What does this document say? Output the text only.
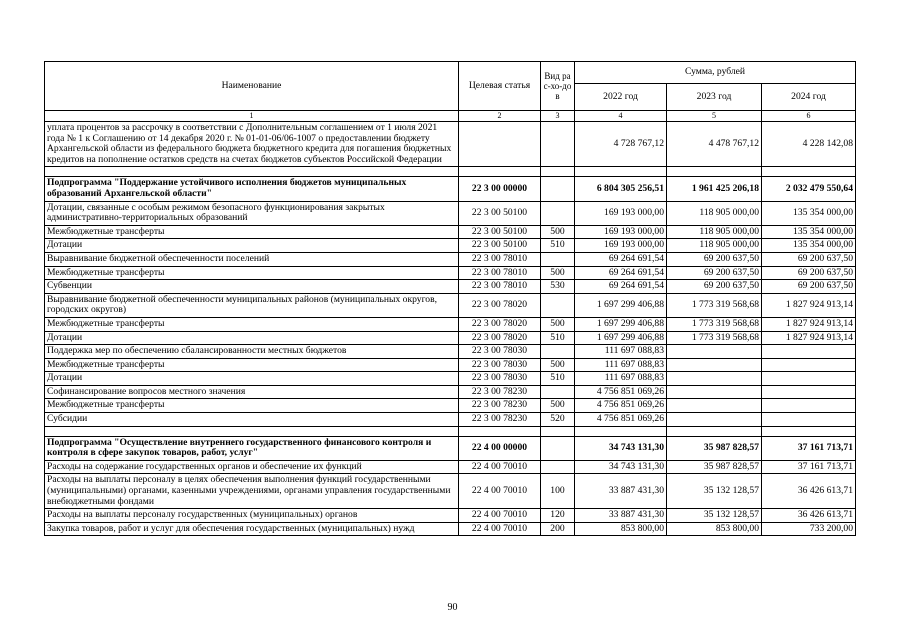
Наименование	Целевая статья	Вид рас-хо-дов	Сумма, рублей		
			2022 год	2023 год	2024 год
1	2	3	4	5	6
уплата процентов за рассрочку в соответствии с Дополнительным соглашением от 1 июля 2021 года № 1 к Соглашению от 14 декабря 2020 г. № 01-01-06/06-1007 о предоставлении бюджету Архангельской области из федерального бюджета бюджетного кредита для погашения бюджетных кредитов на пополнение остатков средств на счетах бюджетов субъектов Российской Федерации			4 728 767,12	4 478 767,12	4 228 142,08

Подпрограмма "Поддержание устойчивого исполнения бюджетов муниципальных образований Архангельской области"	22 3 00 00000		6 804 305 256,51	1 961 425 206,18	2 032 479 550,64
Дотации, связанные с особым режимом безопасного функционирования закрытых административно-территориальных образований	22 3 00 50100		169 193 000,00	118 905 000,00	135 354 000,00
Межбюджетные трансферты	22 3 00 50100	500	169 193 000,00	118 905 000,00	135 354 000,00
Дотации	22 3 00 50100	510	169 193 000,00	118 905 000,00	135 354 000,00
Выравнивание бюджетной обеспеченности поселений	22 3 00 78010		69 264 691,54	69 200 637,50	69 200 637,50
Межбюджетные трансферты	22 3 00 78010	500	69 264 691,54	69 200 637,50	69 200 637,50
Субвенции	22 3 00 78010	530	69 264 691,54	69 200 637,50	69 200 637,50
Выравнивание бюджетной обеспеченности муниципальных районов (муниципальных округов, городских округов)	22 3 00 78020		1 697 299 406,88	1 773 319 568,68	1 827 924 913,14
Межбюджетные трансферты	22 3 00 78020	500	1 697 299 406,88	1 773 319 568,68	1 827 924 913,14
Дотации	22 3 00 78020	510	1 697 299 406,88	1 773 319 568,68	1 827 924 913,14
Поддержка мер по обеспечению сбалансированности местных бюджетов	22 3 00 78030		111 697 088,83		
Межбюджетные трансферты	22 3 00 78030	500	111 697 088,83		
Дотации	22 3 00 78030	510	111 697 088,83		
Софинансирование вопросов местного значения	22 3 00 78230		4 756 851 069,26		
Межбюджетные трансферты	22 3 00 78230	500	4 756 851 069,26		
Субсидии	22 3 00 78230	520	4 756 851 069,26		

Подпрограмма "Осуществление внутреннего государственного финансового контроля и контроля в сфере закупок товаров, работ, услуг"	22 4 00 00000		34 743 131,30	35 987 828,57	37 161 713,71
Расходы на содержание государственных органов и обеспечение их функций	22 4 00 70010		34 743 131,30	35 987 828,57	37 161 713,71
Расходы на выплаты персоналу в целях обеспечения выполнения функций государственными (муниципальными) органами, казенными учреждениями, органами управления государственными внебюджетными фондами	22 4 00 70010	100	33 887 431,30	35 132 128,57	36 426 613,71
Расходы на выплаты персоналу государственных (муниципальных) органов	22 4 00 70010	120	33 887 431,30	35 132 128,57	36 426 613,71
Закупка товаров, работ и услуг для обеспечения государственных (муниципальных) нужд	22 4 00 70010	200	853 800,00	853 800,00	733 200,00
90
